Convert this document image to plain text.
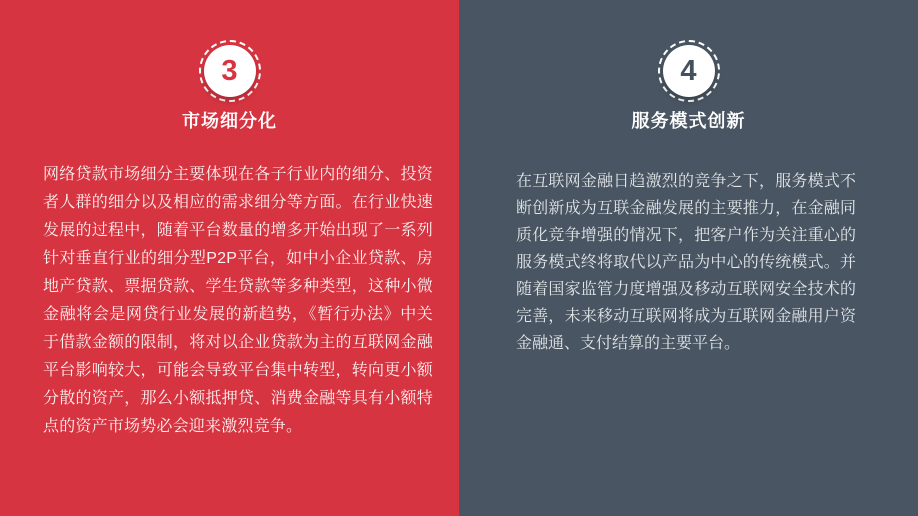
3
市场细分化

网络贷款市场细分主要体现在各子行业内的细分、投资者人群的细分以及相应的需求细分等方面。在行业快速发展的过程中，随着平台数量的增多开始出现了一系列针对垂直行业的细分型P2P平台，如中小企业贷款、房地产贷款、票据贷款、学生贷款等多种类型，这种小微金融将会是网贷行业发展的新趋势，《暂行办法》中关于借款金额的限制，将对以企业贷款为主的互联网金融平台影响较大，可能会导致平台集中转型，转向更小额分散的资产，那么小额抵押贷、消费金融等具有小额特点的资产市场势必会迎来激烈竞争。

4
服务模式创新

在互联网金融日趋激烈的竞争之下，服务模式不断创新成为互联金融发展的主要推力，在金融同质化竞争增强的情况下，把客户作为关注重心的服务模式终将取代以产品为中心的传统模式。并随着国家监管力度增强及移动互联网安全技术的完善，未来移动互联网将成为互联网金融用户资金融通、支付结算的主要平台。
